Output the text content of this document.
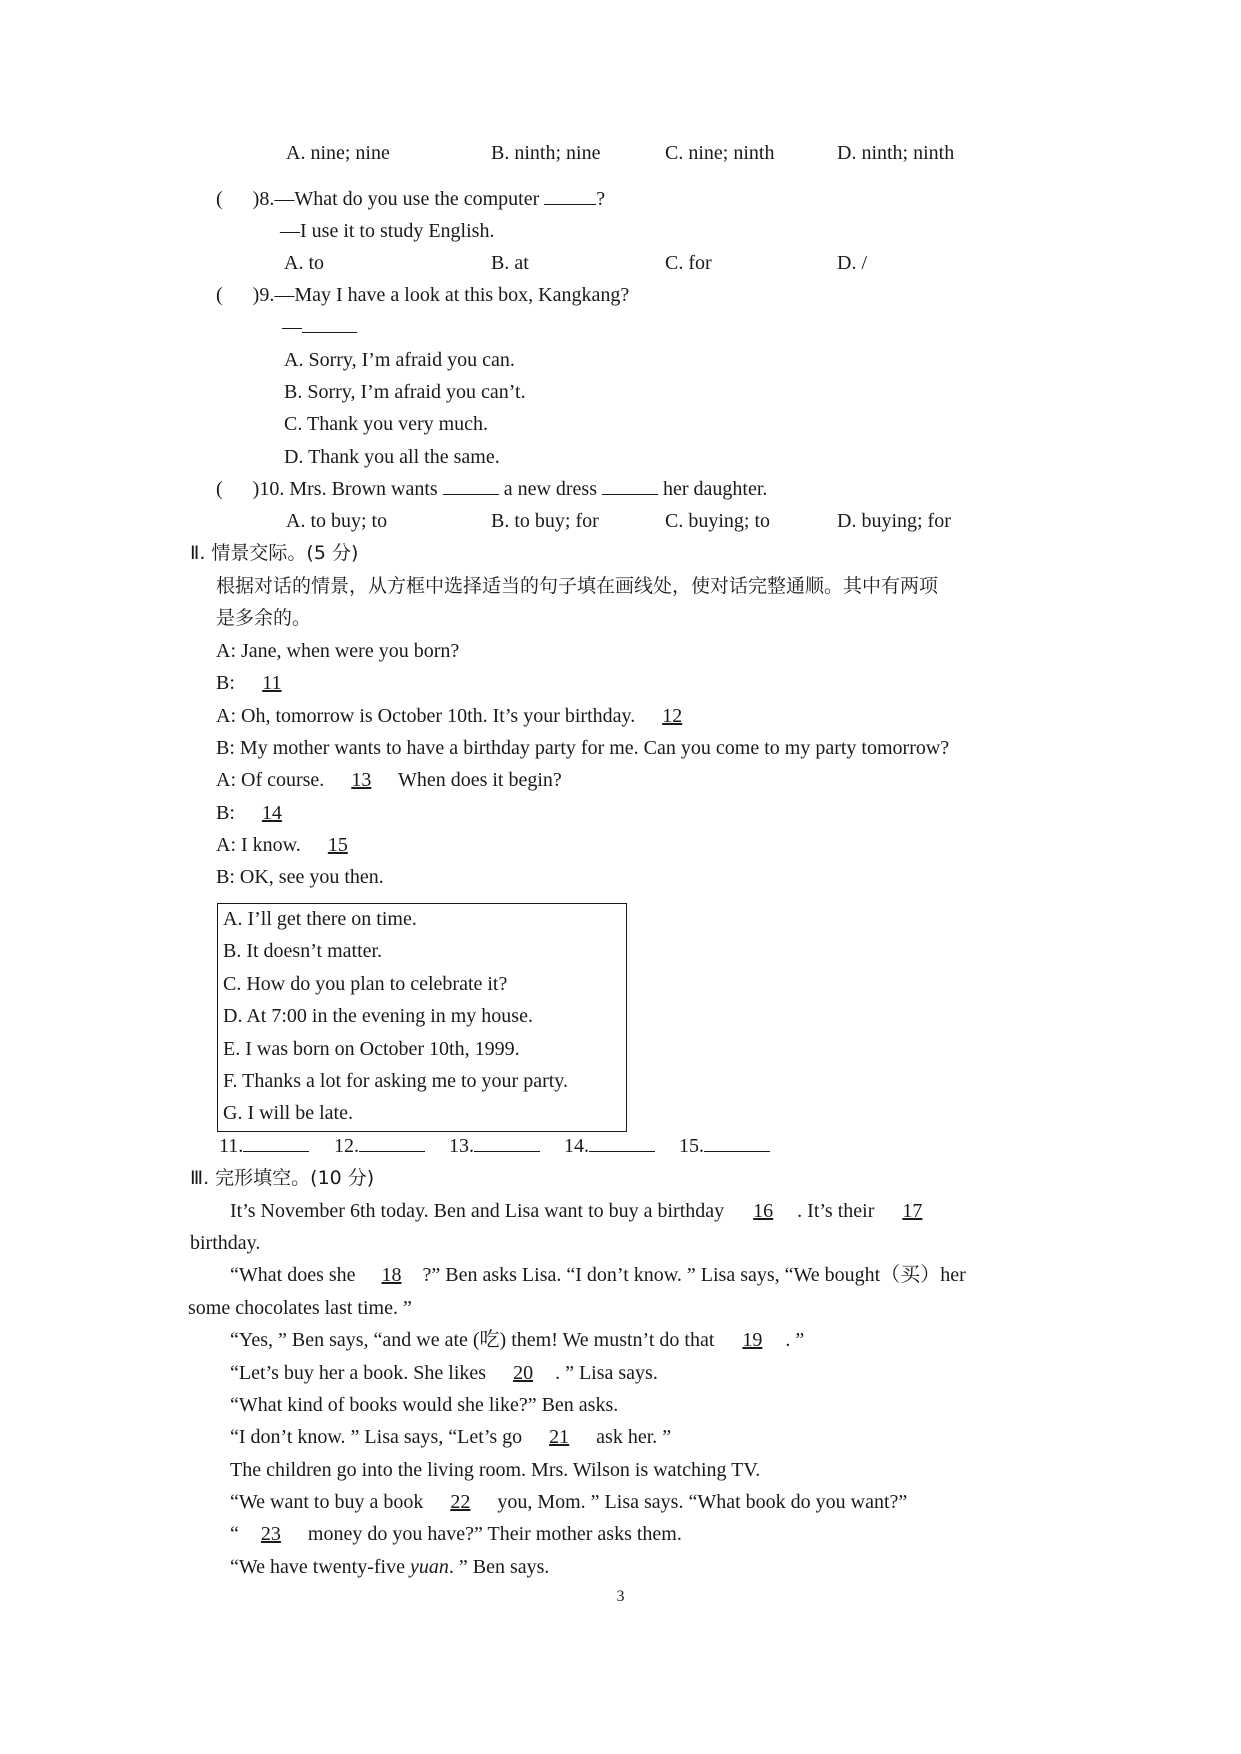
A. nine; nine	B. ninth; nine	C. nine; ninth	D. ninth; ninth
( )8.—What do you use the computer	?
—I use it to study English.
A. to	B. at	C. for	D. /
( )9.—May I have a look at this box, Kangkang?
—
A. Sorry, I’m afraid you can.
B. Sorry, I’m afraid you can’t.
C. Thank you very much.
D. Thank you all the same.
( )10. Mrs. Brown wants	a new dress	her daughter.
A. to buy; to	B. to buy; for	C. buying; to	D. buying; for
Ⅱ. 情景交际。(5 分)
根据对话的情景，从方框中选择适当的句子填在画线处，使对话完整通顺。其中有两项
是多余的。
A: Jane, when were you born?
B: 11
A: Oh, tomorrow is October 10th. It’s your birthday. 12
B: My mother wants to have a birthday party for me. Can you come to my party tomorrow?
A: Of course. 13 When does it begin?
B: 14
A: I know. 15
B: OK, see you then.
A. I’ll get there on time.
B. It doesn’t matter.
C. How do you plan to celebrate it?
D. At 7:00 in the evening in my house.
E. I was born on October 10th, 1999.
F. Thanks a lot for asking me to your party.
G. I will be late.
11.	12.	13.	14.	15.
Ⅲ. 完形填空。(10 分)
It’s November 6th today. Ben and Lisa want to buy a birthday 16 . It’s their 17
birthday.
“What does she 18 ?” Ben asks Lisa. “I don’t know. ” Lisa says, “We bought（买）her
some chocolates last time. ”
“Yes, ” Ben says, “and we ate (吃) them! We mustn’t do that 19 . ”
“Let’s buy her a book. She likes 20 . ” Lisa says.
“What kind of books would she like?” Ben asks.
“I don’t know. ” Lisa says, “Let’s go 21 ask her. ”
The children go into the living room. Mrs. Wilson is watching TV.
“We want to buy a book 22 you, Mom. ” Lisa says. “What book do you want?”
“ 23 money do you have?” Their mother asks them.
“We have twenty-five yuan. ” Ben says.
3
